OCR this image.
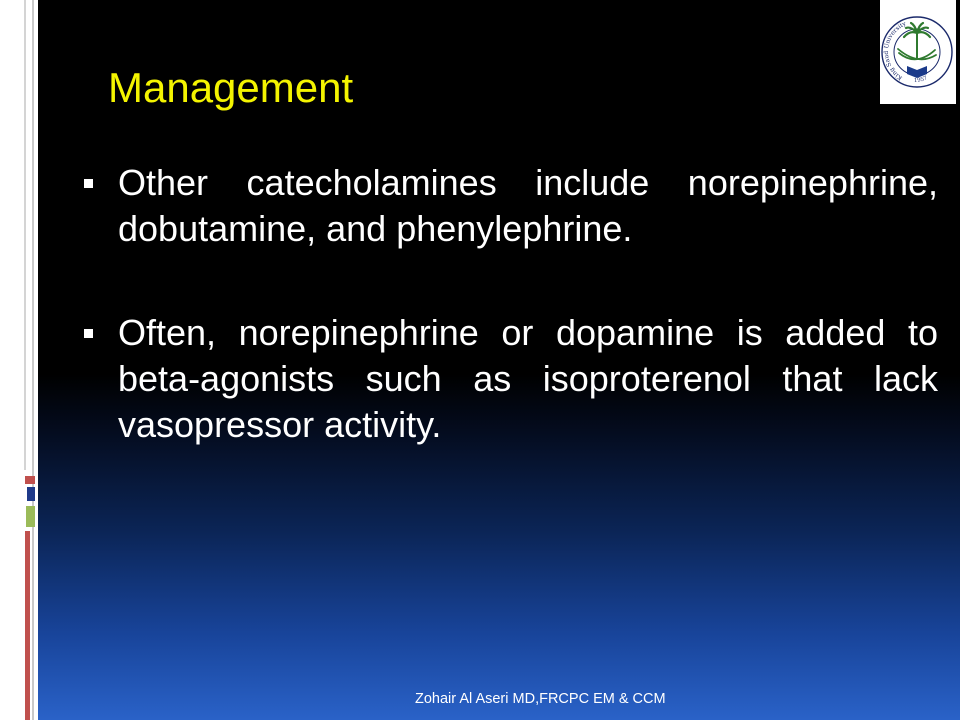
Management
Other catecholamines include norepinephrine, dobutamine, and phenylephrine.
Often, norepinephrine or dopamine is added to beta-agonists such as isoproterenol that lack vasopressor activity.
Zohair Al Aseri MD,FRCPC EM & CCM
King Saud University
1957
